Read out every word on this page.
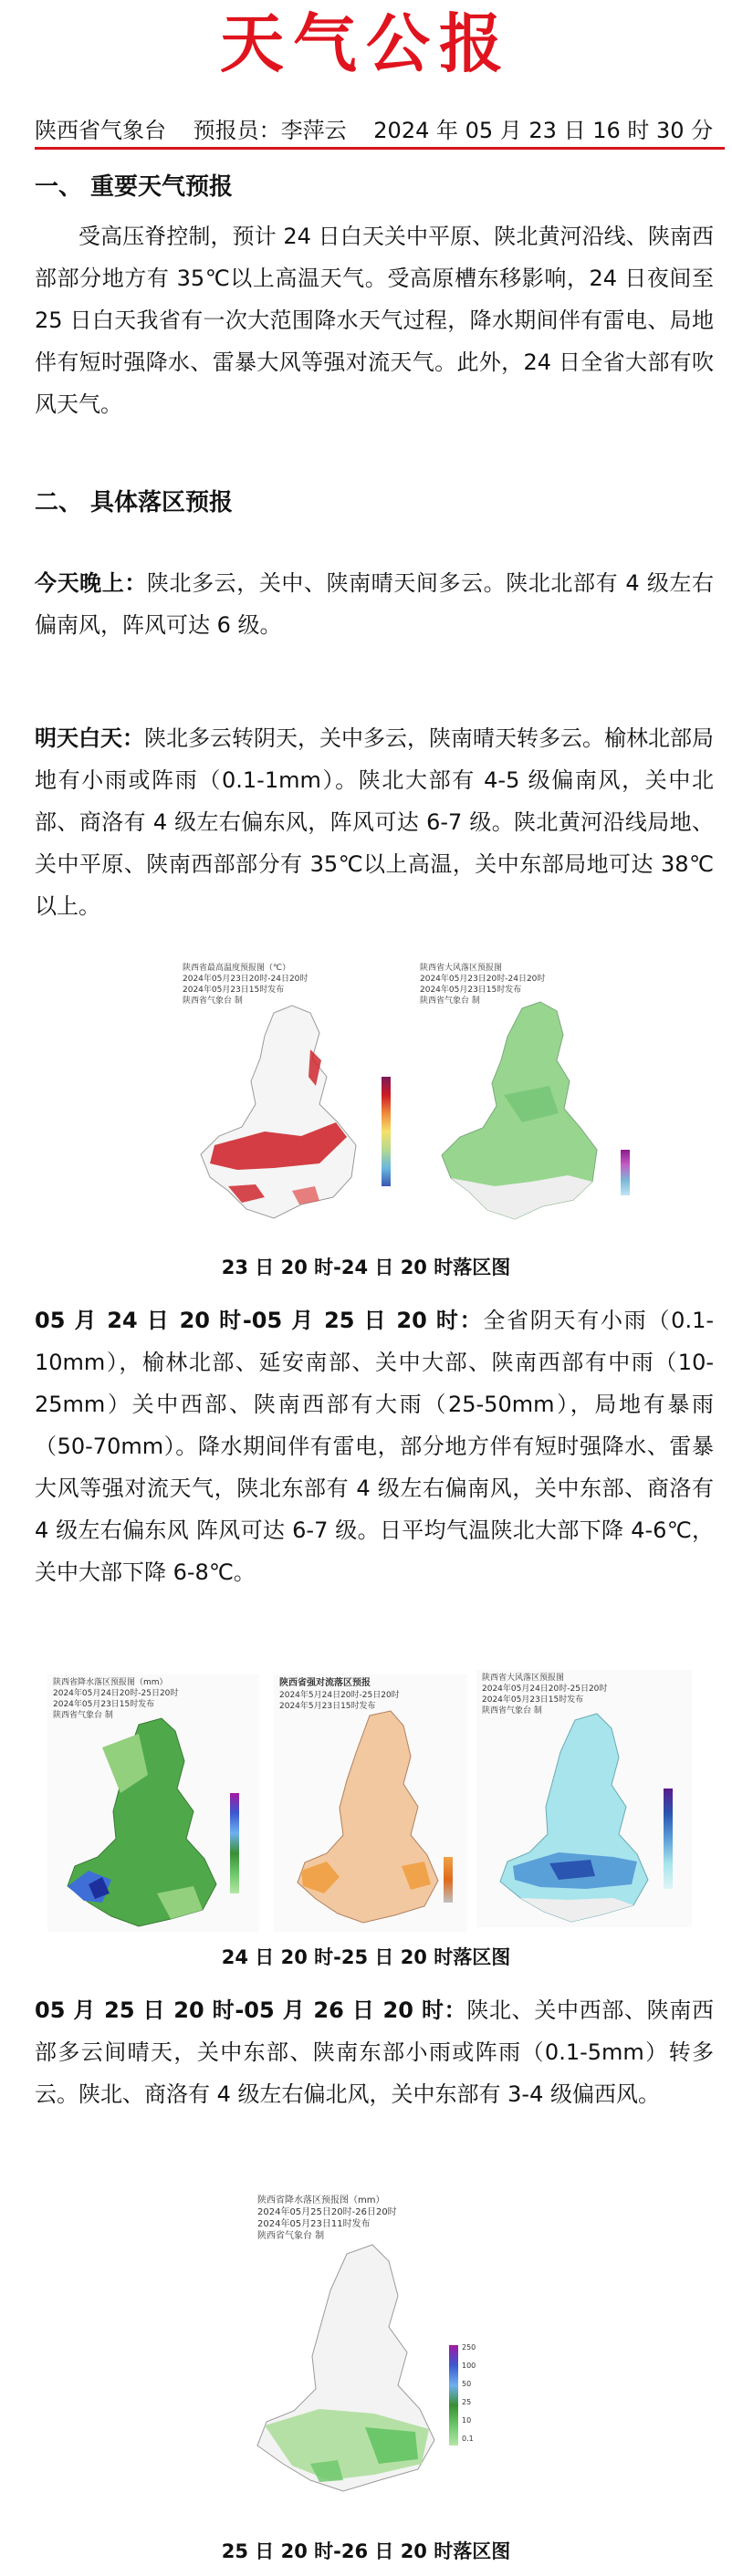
天气公报
陕西省气象台 预报员：李萍云 2024 年 05 月 23 日 16 时 30 分
一、 重要天气预报
受高压脊控制，预计 24 日白天关中平原、陕北黄河沿线、陕南西部部分地方有 35℃以上高温天气。受高原槽东移影响，24 日夜间至 25 日白天我省有一次大范围降水天气过程，降水期间伴有雷电、局地伴有短时强降水、雷暴大风等强对流天气。此外，24 日全省大部有吹风天气。
二、 具体落区预报
今天晚上：陕北多云，关中、陕南晴天间多云。陕北北部有 4 级左右偏南风，阵风可达 6 级。
明天白天：陕北多云转阴天，关中多云，陕南晴天转多云。榆林北部局地有小雨或阵雨（0.1-1mm）。陕北大部有 4-5 级偏南风，关中北部、商洛有 4 级左右偏东风，阵风可达 6-7 级。陕北黄河沿线局地、关中平原、陕南西部部分有 35℃以上高温，关中东部局地可达 38℃以上。
陕西省最高温度预报图（℃）
2024年05月23日20时-24日20时
2024年05月23日15时发布
陕西省气象台 制
陕西省大风落区预报图
2024年05月23日20时-24日20时
2024年05月23日15时发布
陕西省气象台 制
23 日 20 时-24 日 20 时落区图
05 月 24 日 20 时-05 月 25 日 20 时：全省阴天有小雨（0.1-10mm），榆林北部、延安南部、关中大部、陕南西部有中雨（10-25mm）关中西部、陕南西部有大雨（25-50mm），局地有暴雨（50-70mm）。降水期间伴有雷电，部分地方伴有短时强降水、雷暴大风等强对流天气，陕北东部有 4 级左右偏南风，关中东部、商洛有 4 级左右偏东风 阵风可达 6-7 级。日平均气温陕北大部下降 4-6℃，关中大部下降 6-8℃。
陕西省降水落区预报图（mm）
2024年05月24日20时-25日20时
2024年05月23日15时发布
陕西省气象台 制
陕西省强对流落区预报
2024年5月24日20时-25日20时
2024年5月23日15时发布
陕西省大风落区预报图
2024年05月24日20时-25日20时
2024年05月23日15时发布
陕西省气象台 制
24 日 20 时-25 日 20 时落区图
05 月 25 日 20 时-05 月 26 日 20 时：陕北、关中西部、陕南西部多云间晴天，关中东部、陕南东部小雨或阵雨（0.1-5mm）转多云。陕北、商洛有 4 级左右偏北风，关中东部有 3-4 级偏西风。
陕西省降水落区预报图（mm）
2024年05月25日20时-26日20时
2024年05月23日11时发布
陕西省气象台 制
250
100
50
25
10
0.1
25 日 20 时-26 日 20 时落区图
